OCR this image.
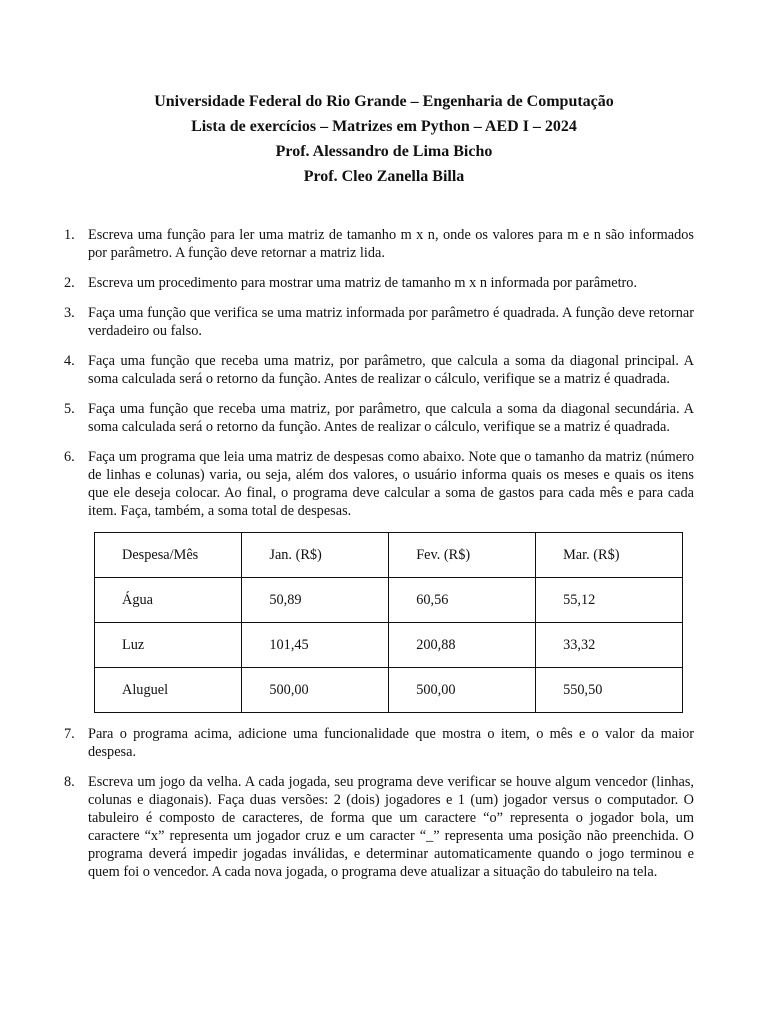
Universidade Federal do Rio Grande – Engenharia de Computação
Lista de exercícios – Matrizes em Python – AED I – 2024
Prof. Alessandro de Lima Bicho
Prof. Cleo Zanella Billa
1. Escreva uma função para ler uma matriz de tamanho m x n, onde os valores para m e n são informados por parâmetro. A função deve retornar a matriz lida.
2. Escreva um procedimento para mostrar uma matriz de tamanho m x n informada por parâmetro.
3. Faça uma função que verifica se uma matriz informada por parâmetro é quadrada. A função deve retornar verdadeiro ou falso.
4. Faça uma função que receba uma matriz, por parâmetro, que calcula a soma da diagonal principal. A soma calculada será o retorno da função. Antes de realizar o cálculo, verifique se a matriz é quadrada.
5. Faça uma função que receba uma matriz, por parâmetro, que calcula a soma da diagonal secundária. A soma calculada será o retorno da função. Antes de realizar o cálculo, verifique se a matriz é quadrada.
6. Faça um programa que leia uma matriz de despesas como abaixo. Note que o tamanho da matriz (número de linhas e colunas) varia, ou seja, além dos valores, o usuário informa quais os meses e quais os itens que ele deseja colocar. Ao final, o programa deve calcular a soma de gastos para cada mês e para cada item. Faça, também, a soma total de despesas.
Despesa/Mês	Jan. (R$)	Fev. (R$)	Mar. (R$)
Água	50,89	60,56	55,12
Luz	101,45	200,88	33,32
Aluguel	500,00	500,00	550,50
7. Para o programa acima, adicione uma funcionalidade que mostra o item, o mês e o valor da maior despesa.
8. Escreva um jogo da velha. A cada jogada, seu programa deve verificar se houve algum vencedor (linhas, colunas e diagonais). Faça duas versões: 2 (dois) jogadores e 1 (um) jogador versus o computador. O tabuleiro é composto de caracteres, de forma que um caractere “o” representa o jogador bola, um caractere “x” representa um jogador cruz e um caracter “_” representa uma posição não preenchida. O programa deverá impedir jogadas inválidas, e determinar automaticamente quando o jogo terminou e quem foi o vencedor. A cada nova jogada, o programa deve atualizar a situação do tabuleiro na tela.
